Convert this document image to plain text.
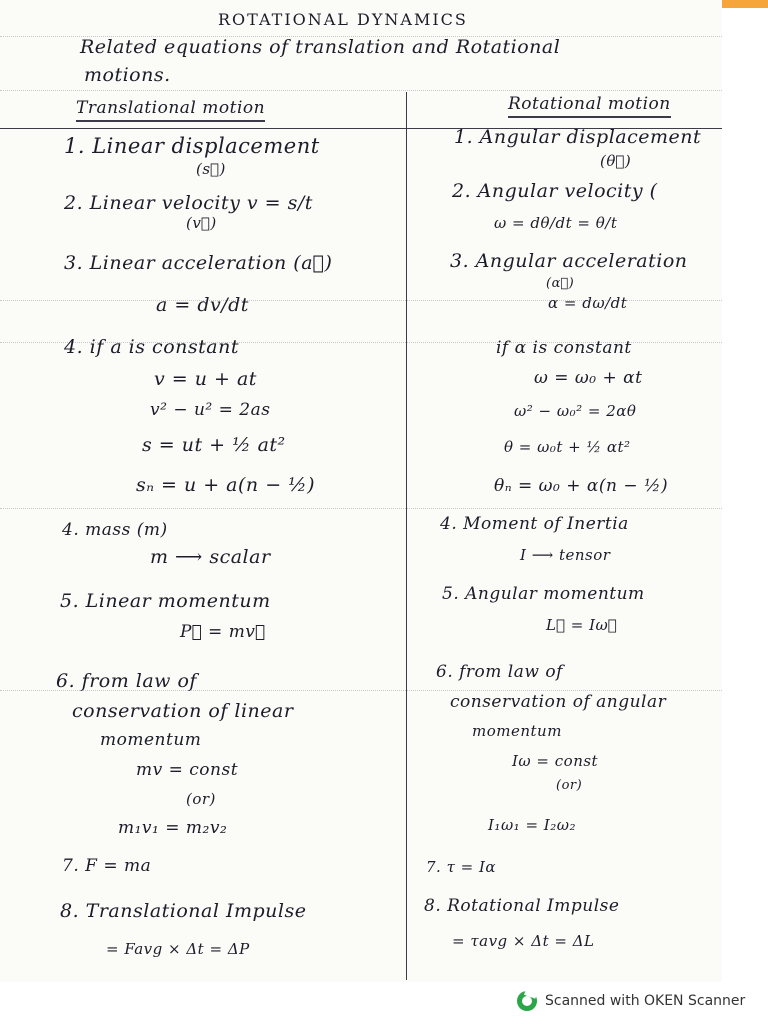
ROTATIONAL DYNAMICS
Related equations of translation and Rotational
motions.
Translational motion	Rotational motion
1. Linear displacement
(s⃗)
2. Linear velocity v = s/t
(v⃗)
3. Linear acceleration (a⃗)
a = dv/dt
4. if a is constant
v = u + at
v² − u² = 2as
s = ut + ½ at²
sₙ = u + a(n − ½)
4. mass (m)
m ⟶ scalar
5. Linear momentum
P⃗ = mv⃗
6. from law of
conservation of linear
momentum
mv = const
(or)
m₁v₁ = m₂v₂
7. F = ma
8. Translational Impulse
= Favg × Δt = ΔP
1. Angular displacement
(θ⃗)
2. Angular velocity (
ω = dθ/dt = θ/t
3. Angular acceleration
(α⃗)
α = dω/dt
if α is constant
ω = ω₀ + αt
ω² − ω₀² = 2αθ
θ = ω₀t + ½ αt²
θₙ = ω₀ + α(n − ½)
4. Moment of Inertia
I ⟶ tensor
5. Angular momentum
L⃗ = Iω⃗
6. from law of
conservation of angular
momentum
Iω = const
(or)
I₁ω₁ = I₂ω₂
7. τ = Iα
8. Rotational Impulse
= τavg × Δt = ΔL
Scanned with OKEN Scanner
